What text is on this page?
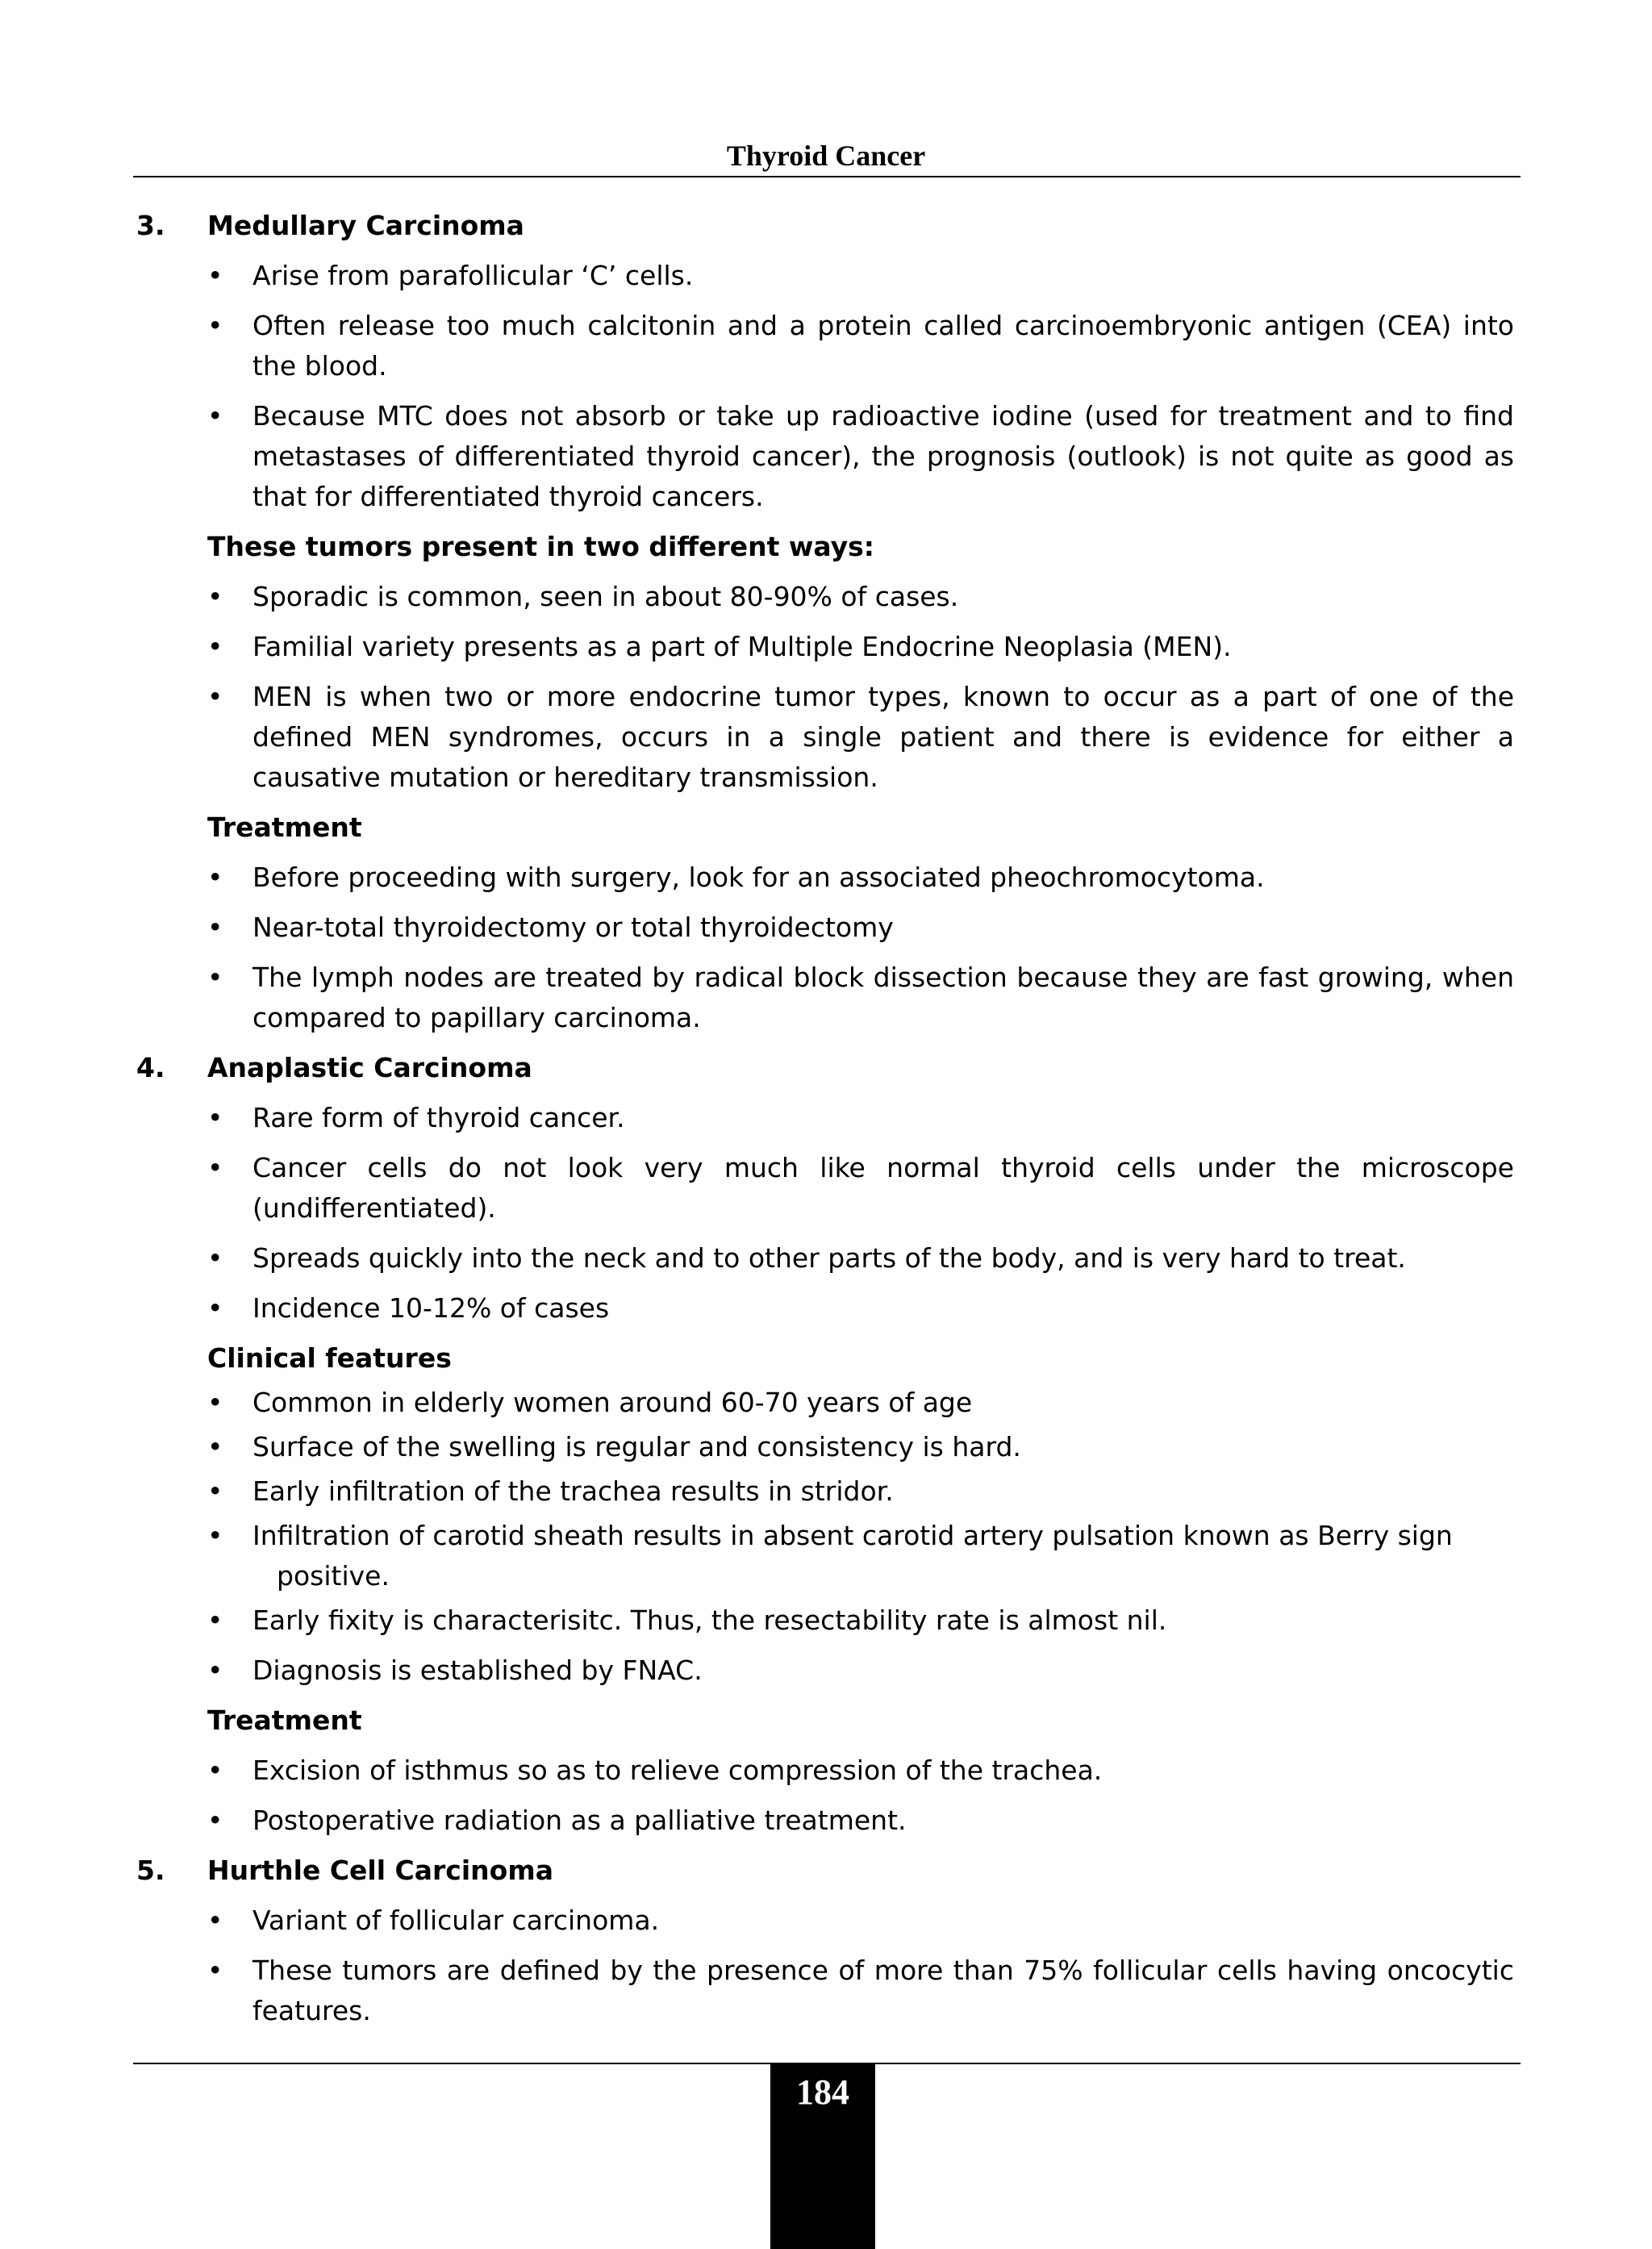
Thyroid Cancer
3. Medullary Carcinoma
• Arise from parafollicular ‘C’ cells.
• Often release too much calcitonin and a protein called carcinoembryonic antigen (CEA) into the blood.
• Because MTC does not absorb or take up radioactive iodine (used for treatment and to find metastases of differentiated thyroid cancer), the prognosis (outlook) is not quite as good as that for differentiated thyroid cancers.
These tumors present in two different ways:
• Sporadic is common, seen in about 80-90% of cases.
• Familial variety presents as a part of Multiple Endocrine Neoplasia (MEN).
• MEN is when two or more endocrine tumor types, known to occur as a part of one of the defined MEN syndromes, occurs in a single patient and there is evidence for either a causative mutation or hereditary transmission.
Treatment
• Before proceeding with surgery, look for an associated pheochromocytoma.
• Near-total thyroidectomy or total thyroidectomy
• The lymph nodes are treated by radical block dissection because they are fast growing, when compared to papillary carcinoma.
4. Anaplastic Carcinoma
• Rare form of thyroid cancer.
• Cancer cells do not look very much like normal thyroid cells under the microscope (undifferentiated).
• Spreads quickly into the neck and to other parts of the body, and is very hard to treat.
• Incidence 10-12% of cases
Clinical features
• Common in elderly women around 60-70 years of age
• Surface of the swelling is regular and consistency is hard.
• Early infiltration of the trachea results in stridor.
• Infiltration of carotid sheath results in absent carotid artery pulsation known as Berry sign
positive.
• Early fixity is characterisitc. Thus, the resectability rate is almost nil.
• Diagnosis is established by FNAC.
Treatment
• Excision of isthmus so as to relieve compression of the trachea.
• Postoperative radiation as a palliative treatment.
5. Hurthle Cell Carcinoma
• Variant of follicular carcinoma.
• These tumors are defined by the presence of more than 75% follicular cells having oncocytic features.
184
